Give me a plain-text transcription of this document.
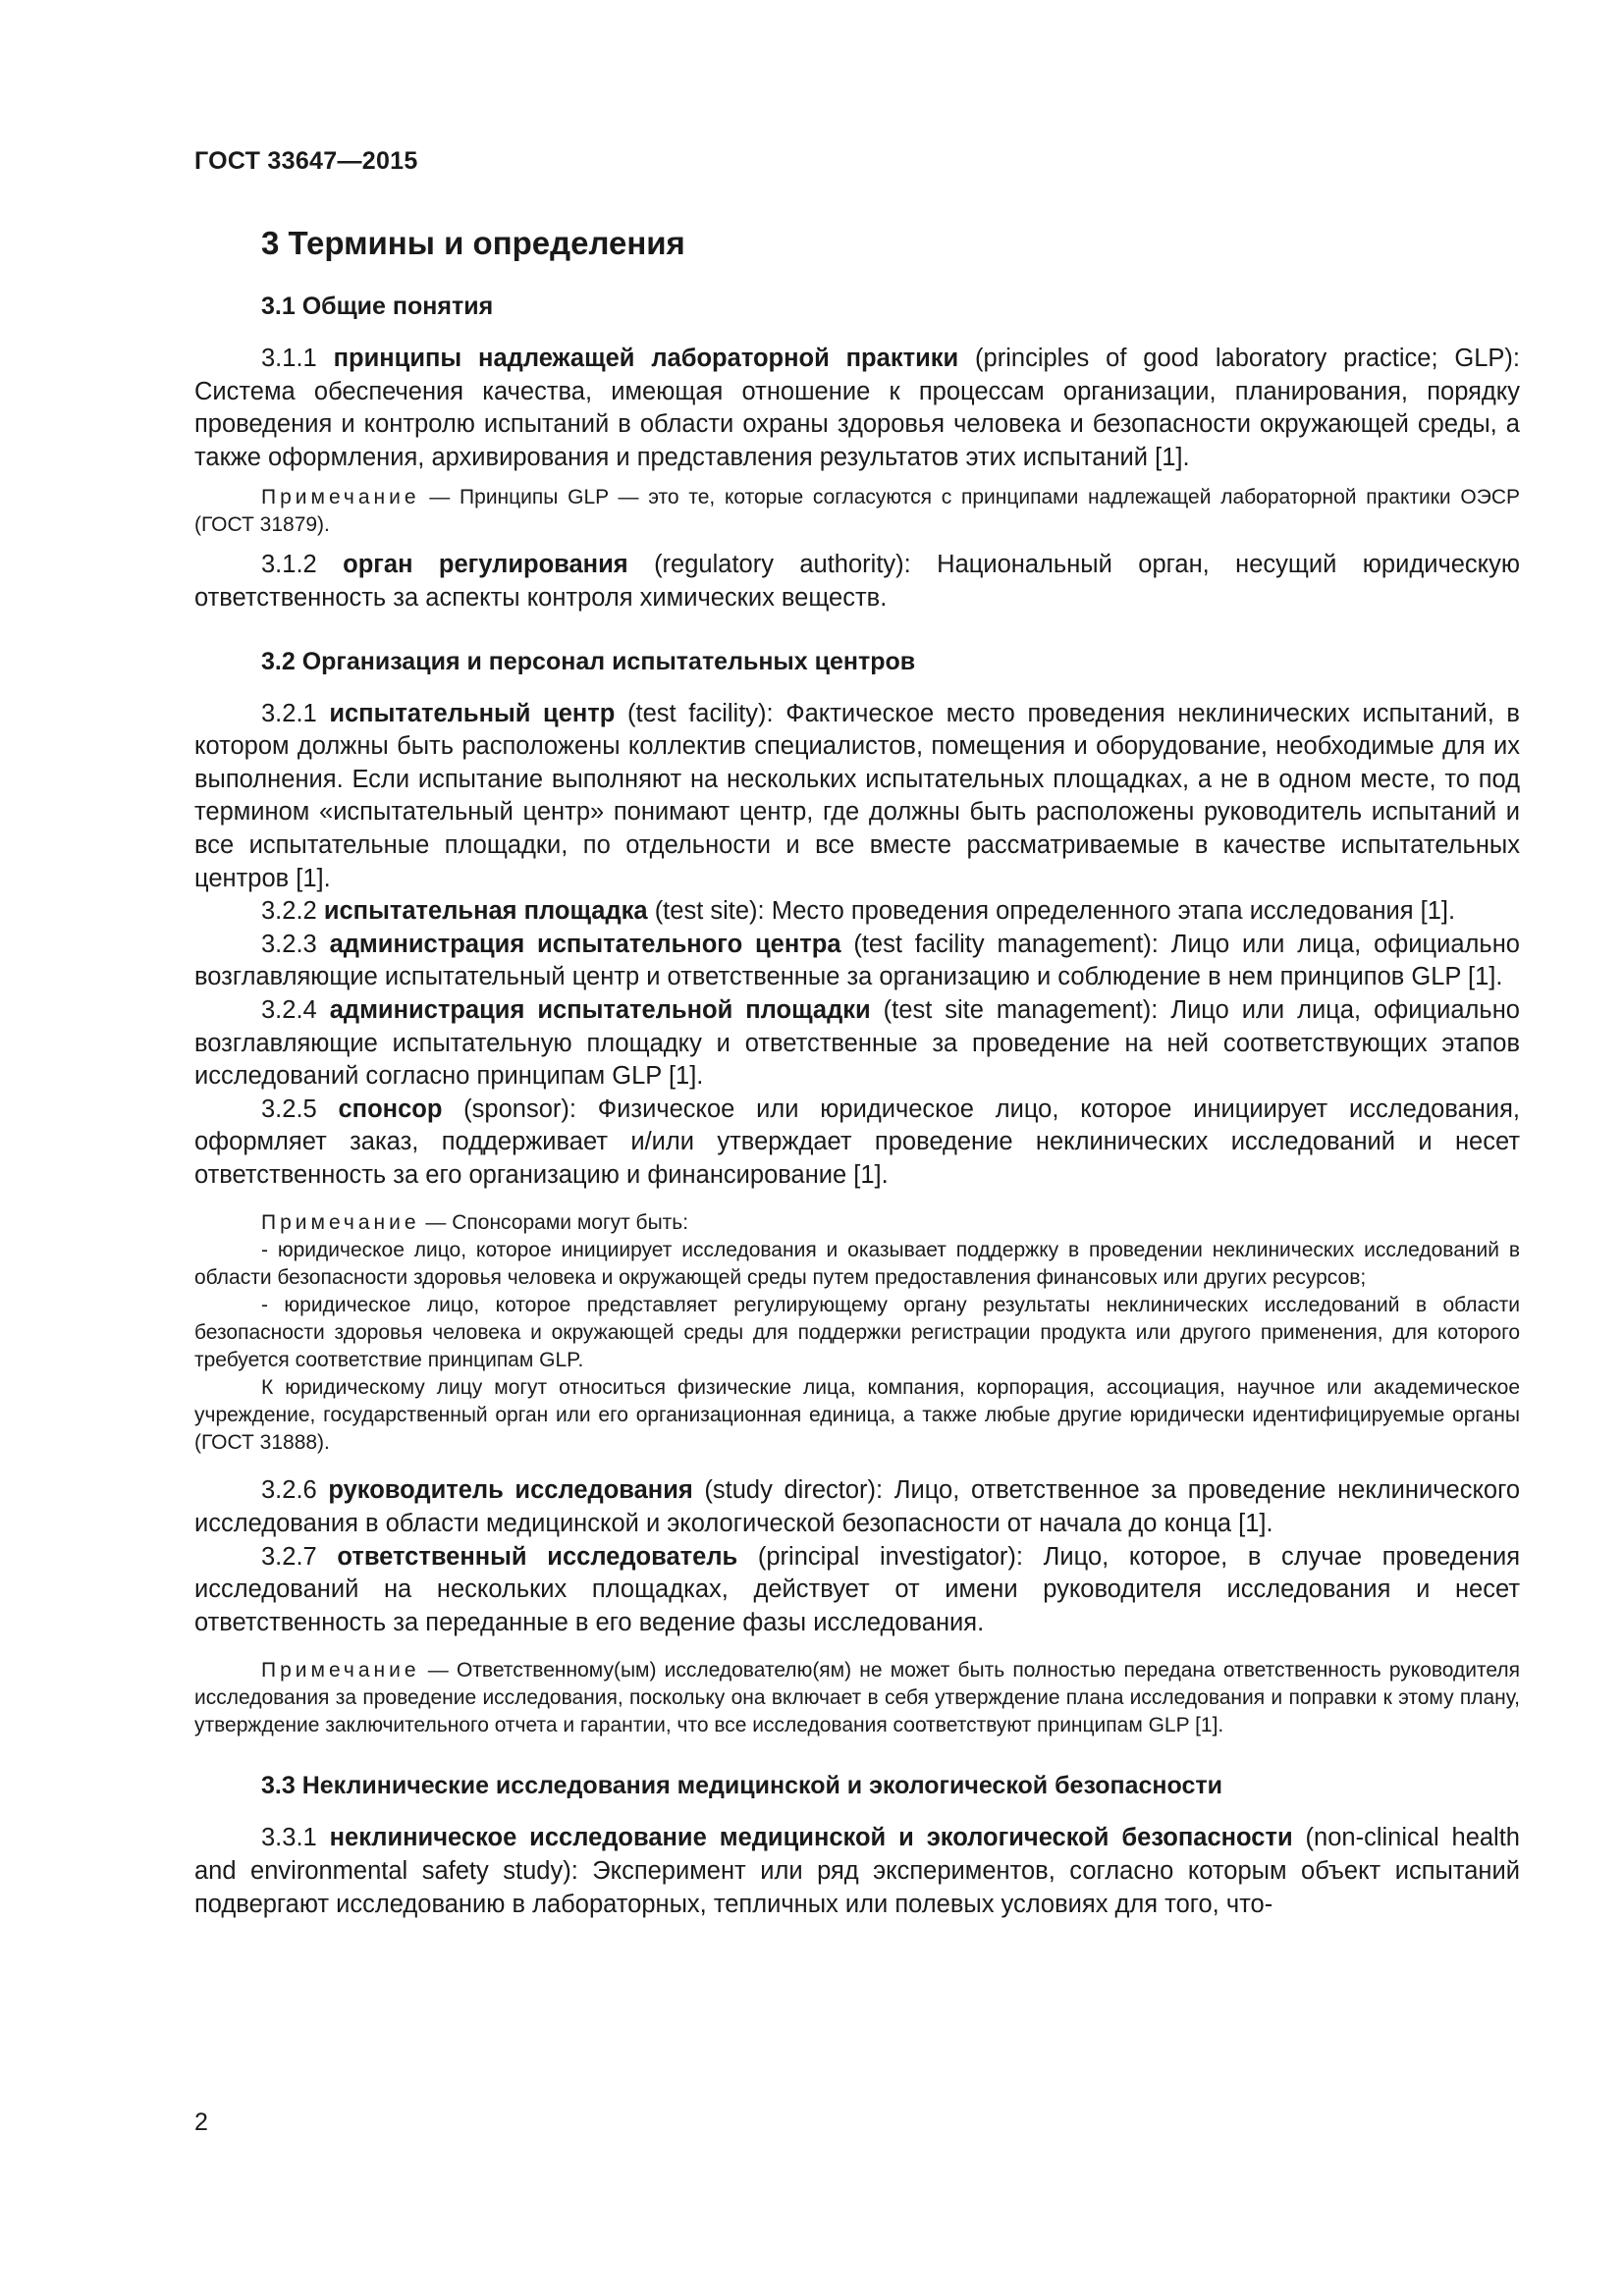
ГОСТ 33647—2015
3 Термины и определения
3.1 Общие понятия

3.1.1 принципы надлежащей лабораторной практики (principles of good laboratory practice; GLP): Система обеспечения качества, имеющая отношение к процессам организации, планирования, порядку проведения и контролю испытаний в области охраны здоровья человека и безопасности окружающей среды, а также оформления, архивирования и представления результатов этих испытаний [1].

Примечание — Принципы GLP — это те, которые согласуются с принципами надлежащей лабораторной практики ОЭСР (ГОСТ 31879).

3.1.2 орган регулирования (regulatory authority): Национальный орган, несущий юридическую ответственность за аспекты контроля химических веществ.

3.2 Организация и персонал испытательных центров

3.2.1 испытательный центр (test facility): Фактическое место проведения неклинических испытаний, в котором должны быть расположены коллектив специалистов, помещения и оборудование, необходимые для их выполнения. Если испытание выполняют на нескольких испытательных площадках, а не в одном месте, то под термином «испытательный центр» понимают центр, где должны быть расположены руководитель испытаний и все испытательные площадки, по отдельности и все вместе рассматриваемые в качестве испытательных центров [1].

3.2.2 испытательная площадка (test site): Место проведения определенного этапа исследования [1].

3.2.3 администрация испытательного центра (test facility management): Лицо или лица, официально возглавляющие испытательный центр и ответственные за организацию и соблюдение в нем принципов GLP [1].

3.2.4 администрация испытательной площадки (test site management): Лицо или лица, официально возглавляющие испытательную площадку и ответственные за проведение на ней соответствующих этапов исследований согласно принципам GLP [1].

3.2.5 спонсор (sponsor): Физическое или юридическое лицо, которое инициирует исследования, оформляет заказ, поддерживает и/или утверждает проведение неклинических исследований и несет ответственность за его организацию и финансирование [1].

Примечание — Спонсорами могут быть:

- юридическое лицо, которое инициирует исследования и оказывает поддержку в проведении неклинических исследований в области безопасности здоровья человека и окружающей среды путем предоставления финансовых или других ресурсов;

- юридическое лицо, которое представляет регулирующему органу результаты неклинических исследований в области безопасности здоровья человека и окружающей среды для поддержки регистрации продукта или другого применения, для которого требуется соответствие принципам GLP.

К юридическому лицу могут относиться физические лица, компания, корпорация, ассоциация, научное или академическое учреждение, государственный орган или его организационная единица, а также любые другие юридически идентифицируемые органы (ГОСТ 31888).

3.2.6 руководитель исследования (study director): Лицо, ответственное за проведение неклинического исследования в области медицинской и экологической безопасности от начала до конца [1].

3.2.7 ответственный исследователь (principal investigator): Лицо, которое, в случае проведения исследований на нескольких площадках, действует от имени руководителя исследования и несет ответственность за переданные в его ведение фазы исследования.

Примечание — Ответственному(ым) исследователю(ям) не может быть полностью передана ответственность руководителя исследования за проведение исследования, поскольку она включает в себя утверждение плана исследования и поправки к этому плану, утверждение заключительного отчета и гарантии, что все исследования соответствуют принципам GLP [1].

3.3 Неклинические исследования медицинской и экологической безопасности

3.3.1 неклиническое исследование медицинской и экологической безопасности (non-clinical health and environmental safety study): Эксперимент или ряд экспериментов, согласно которым объект испытаний подвергают исследованию в лабораторных, тепличных или полевых условиях для того, что-

2
